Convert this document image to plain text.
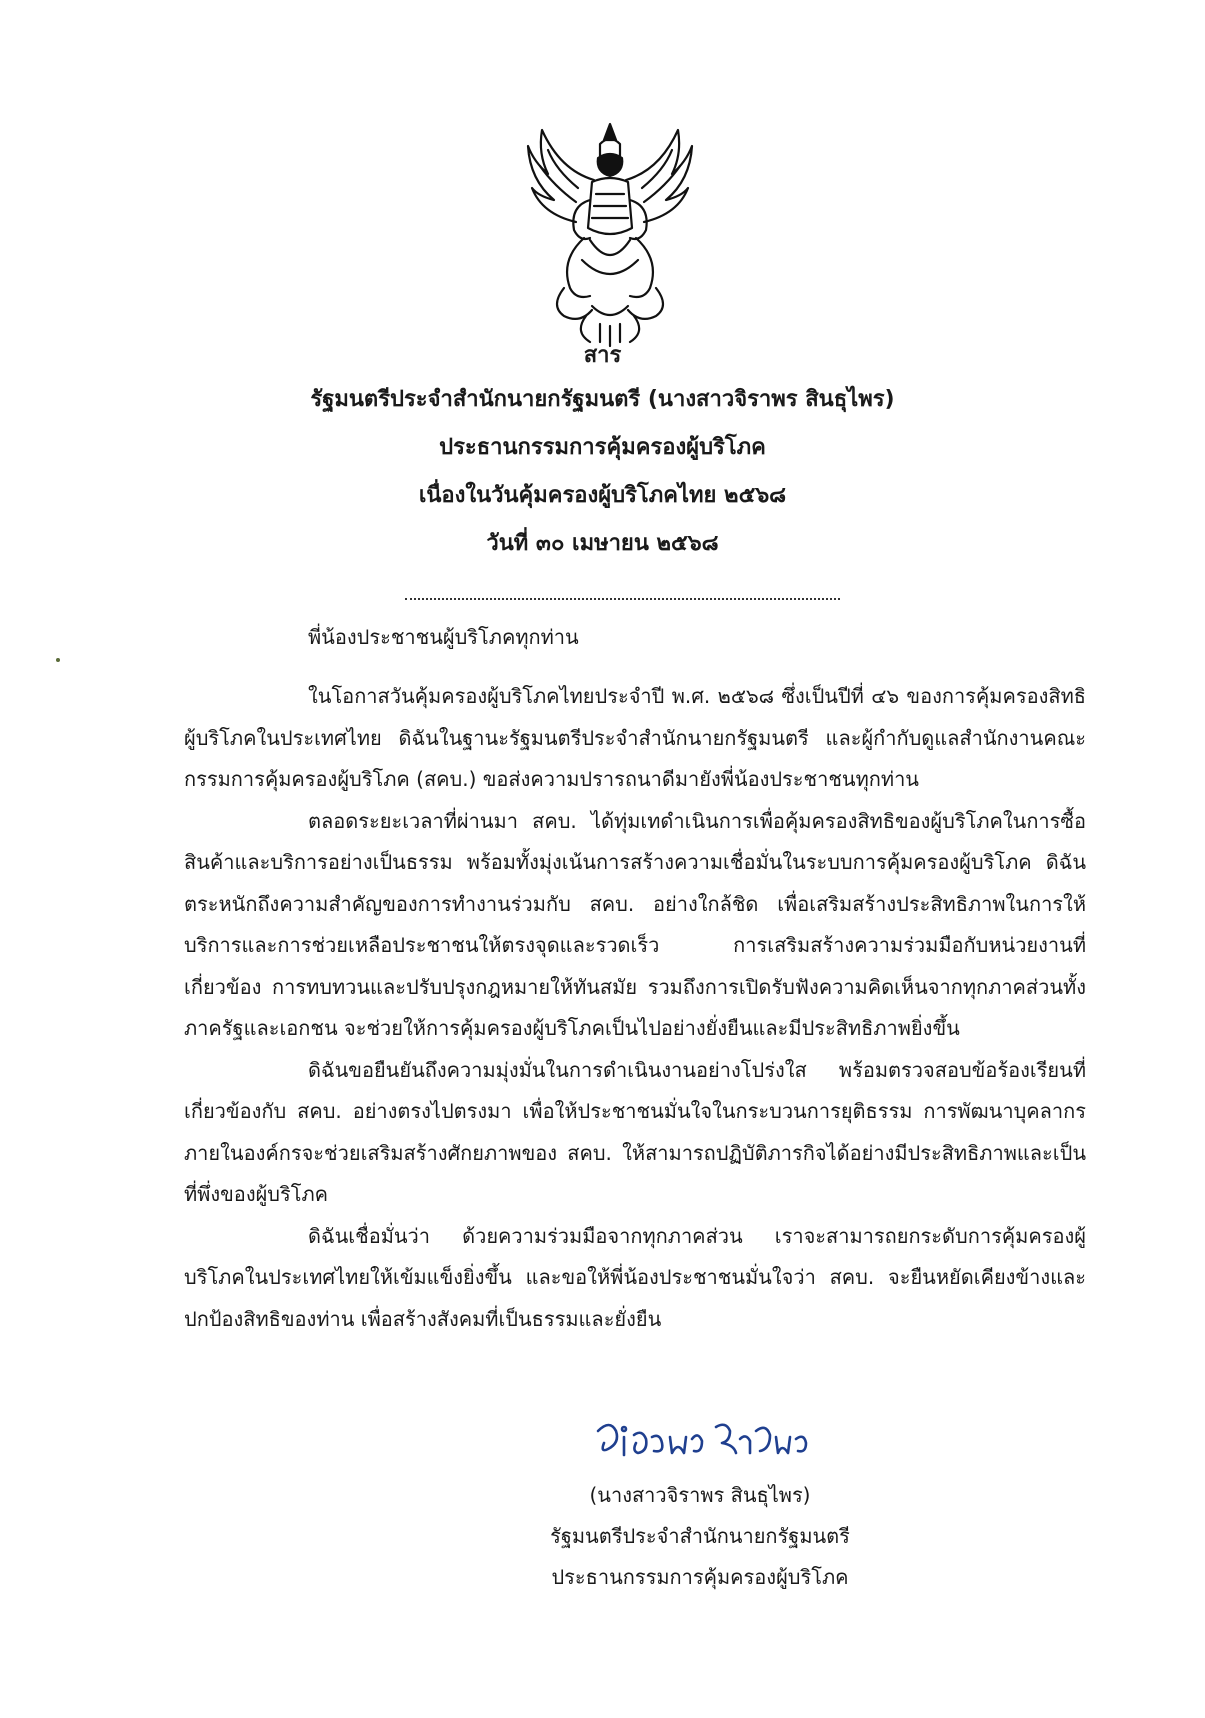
สาร
รัฐมนตรีประจำสำนักนายกรัฐมนตรี (นางสาวจิราพร สินธุไพร)
ประธานกรรมการคุ้มครองผู้บริโภค
เนื่องในวันคุ้มครองผู้บริโภคไทย ๒๕๖๘
วันที่ ๓๐ เมษายน ๒๕๖๘
พี่น้องประชาชนผู้บริโภคทุกท่าน

ในโอกาสวันคุ้มครองผู้บริโภคไทยประจำปี พ.ศ. ๒๕๖๘ ซึ่งเป็นปีที่ ๔๖ ของการคุ้มครองสิทธิผู้บริโภคในประเทศไทย ดิฉันในฐานะรัฐมนตรีประจำสำนักนายกรัฐมนตรี และผู้กำกับดูแลสำนักงานคณะกรรมการคุ้มครองผู้บริโภค (สคบ.) ขอส่งความปรารถนาดีมายังพี่น้องประชาชนทุกท่าน

ตลอดระยะเวลาที่ผ่านมา สคบ. ได้ทุ่มเทดำเนินการเพื่อคุ้มครองสิทธิของผู้บริโภคในการซื้อสินค้าและบริการอย่างเป็นธรรม พร้อมทั้งมุ่งเน้นการสร้างความเชื่อมั่นในระบบการคุ้มครองผู้บริโภค ดิฉันตระหนักถึงความสำคัญของการทำงานร่วมกับ สคบ. อย่างใกล้ชิด เพื่อเสริมสร้างประสิทธิภาพในการให้บริการและการช่วยเหลือประชาชนให้ตรงจุดและรวดเร็ว การเสริมสร้างความร่วมมือกับหน่วยงานที่เกี่ยวข้อง การทบทวนและปรับปรุงกฎหมายให้ทันสมัย รวมถึงการเปิดรับฟังความคิดเห็นจากทุกภาคส่วนทั้งภาครัฐและเอกชน จะช่วยให้การคุ้มครองผู้บริโภคเป็นไปอย่างยั่งยืนและมีประสิทธิภาพยิ่งขึ้น

ดิฉันขอยืนยันถึงความมุ่งมั่นในการดำเนินงานอย่างโปร่งใส พร้อมตรวจสอบข้อร้องเรียนที่เกี่ยวข้องกับ สคบ. อย่างตรงไปตรงมา เพื่อให้ประชาชนมั่นใจในกระบวนการยุติธรรม การพัฒนาบุคลากรภายในองค์กรจะช่วยเสริมสร้างศักยภาพของ สคบ. ให้สามารถปฏิบัติภารกิจได้อย่างมีประสิทธิภาพและเป็นที่พึ่งของผู้บริโภค

ดิฉันเชื่อมั่นว่า ด้วยความร่วมมือจากทุกภาคส่วน เราจะสามารถยกระดับการคุ้มครองผู้บริโภคในประเทศไทยให้เข้มแข็งยิ่งขึ้น และขอให้พี่น้องประชาชนมั่นใจว่า สคบ. จะยืนหยัดเคียงข้างและปกป้องสิทธิของท่าน เพื่อสร้างสังคมที่เป็นธรรมและยั่งยืน

(นางสาวจิราพร สินธุไพร)
รัฐมนตรีประจำสำนักนายกรัฐมนตรี
ประธานกรรมการคุ้มครองผู้บริโภค
